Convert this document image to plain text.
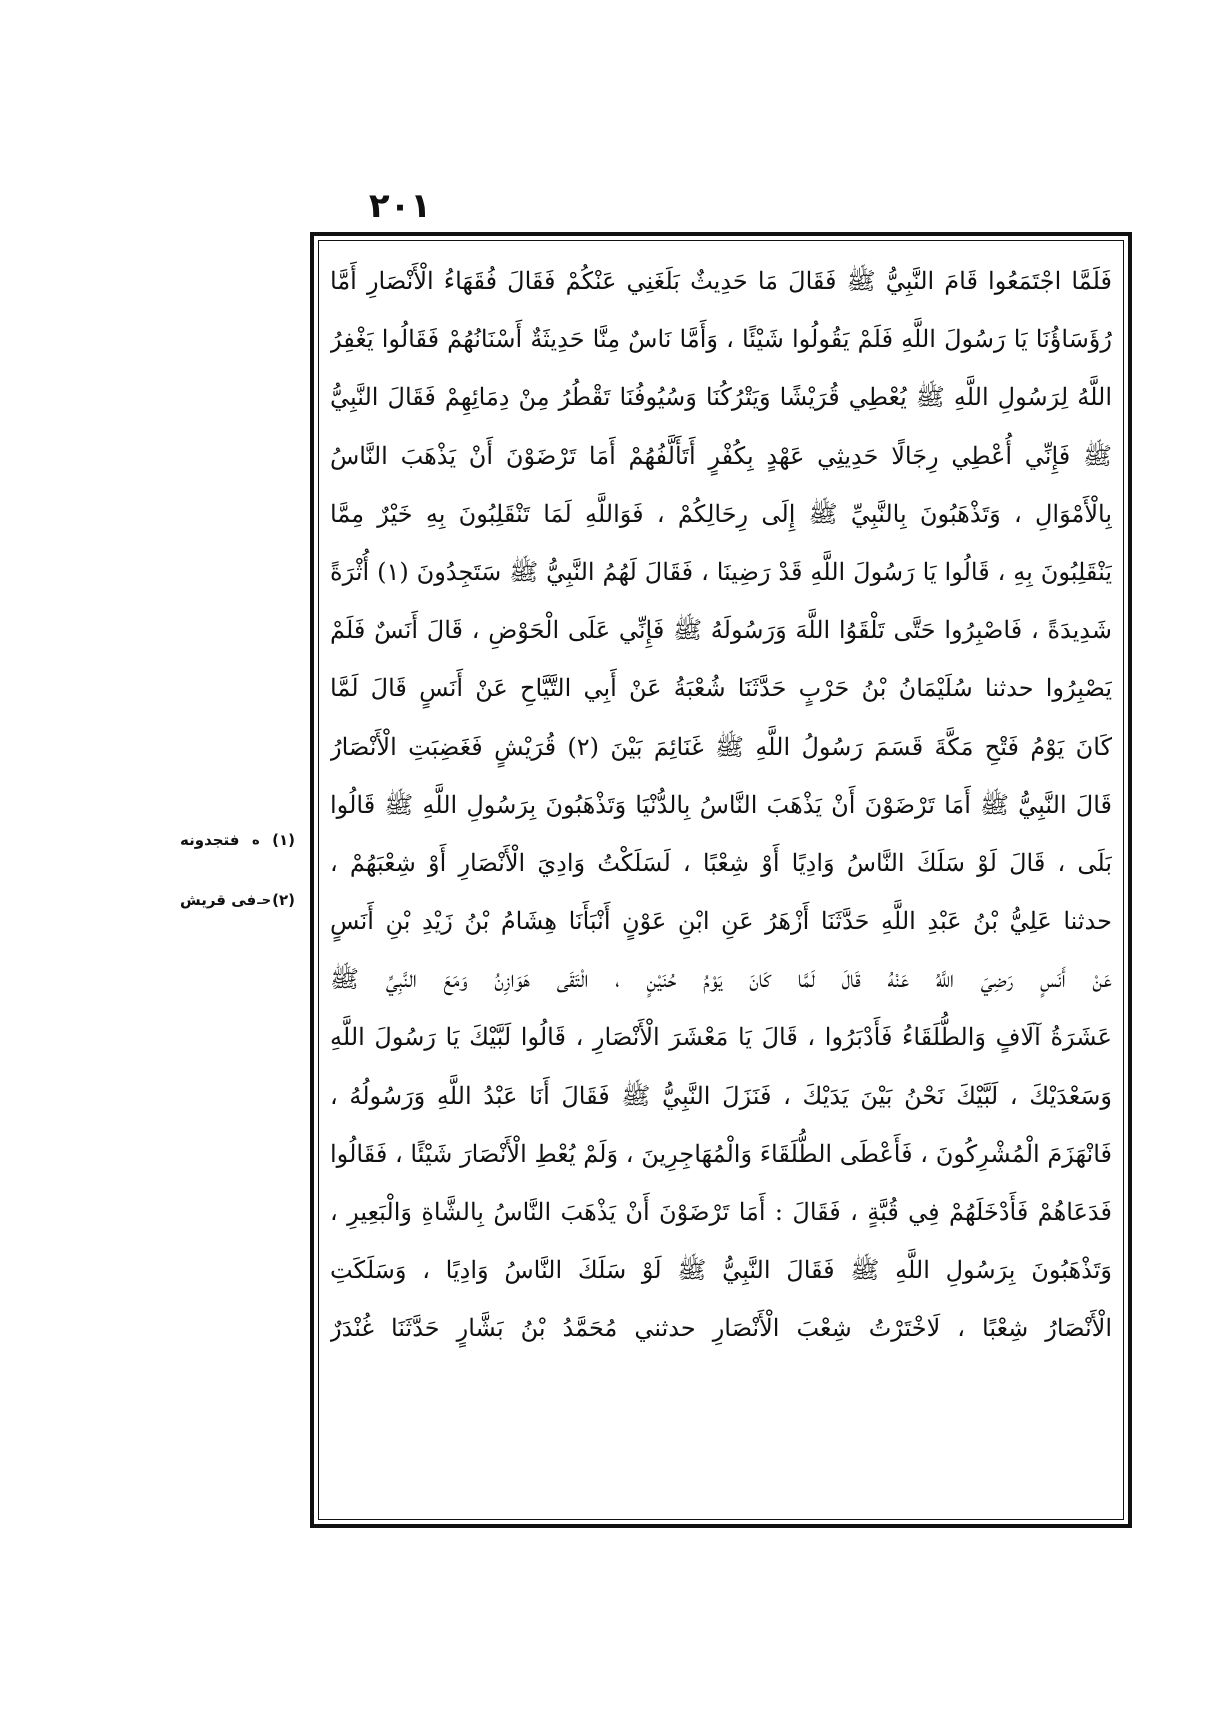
٢٠١
فَلَمَّا اجْتَمَعُوا قَامَ النَّبِيُّ ﷺ فَقَالَ مَا حَدِيثٌ بَلَغَنِي عَنْكُمْ فَقَالَ فُقَهَاءُ الْأَنْصَارِ أَمَّا
رُؤَسَاؤُنَا يَا رَسُولَ اللَّهِ فَلَمْ يَقُولُوا شَيْئًا ، وَأَمَّا نَاسٌ مِنَّا حَدِيثَةٌ أَسْنَانُهُمْ فَقَالُوا يَغْفِرُ
اللَّهُ لِرَسُولِ اللَّهِ ﷺ يُعْطِي قُرَيْشًا وَيَتْرُكُنَا وَسُيُوفُنَا تَقْطُرُ مِنْ دِمَائِهِمْ فَقَالَ النَّبِيُّ
ﷺ فَإِنِّي أُعْطِي رِجَالًا حَدِيثِي عَهْدٍ بِكُفْرٍ أَتَأَلَّفُهُمْ أَمَا تَرْضَوْنَ أَنْ يَذْهَبَ النَّاسُ
بِالْأَمْوَالِ ، وَتَذْهَبُونَ بِالنَّبِيِّ ﷺ إِلَى رِحَالِكُمْ ، فَوَاللَّهِ لَمَا تَنْقَلِبُونَ بِهِ خَيْرٌ مِمَّا
يَنْقَلِبُونَ بِهِ ، قَالُوا يَا رَسُولَ اللَّهِ قَدْ رَضِينَا ، فَقَالَ لَهُمُ النَّبِيُّ ﷺ سَتَجِدُونَ (١) أُثْرَةً
شَدِيدَةً ، فَاصْبِرُوا حَتَّى تَلْقَوُا اللَّهَ وَرَسُولَهُ ﷺ فَإِنِّي عَلَى الْحَوْضِ ، قَالَ أَنَسٌ فَلَمْ
يَصْبِرُوا حدثنا سُلَيْمَانُ بْنُ حَرْبٍ حَدَّثَنَا شُعْبَةُ عَنْ أَبِي التَّيَّاحِ عَنْ أَنَسٍ قَالَ لَمَّا
كَانَ يَوْمُ فَتْحِ مَكَّةَ قَسَمَ رَسُولُ اللَّهِ ﷺ غَنَائِمَ بَيْنَ (٢) قُرَيْشٍ فَغَضِبَتِ الْأَنْصَارُ
قَالَ النَّبِيُّ ﷺ أَمَا تَرْضَوْنَ أَنْ يَذْهَبَ النَّاسُ بِالدُّنْيَا وَتَذْهَبُونَ بِرَسُولِ اللَّهِ ﷺ قَالُوا
بَلَى ، قَالَ لَوْ سَلَكَ النَّاسُ وَادِيًا أَوْ شِعْبًا ، لَسَلَكْتُ وَادِيَ الْأَنْصَارِ أَوْ شِعْبَهُمْ ،
حدثنا عَلِيُّ بْنُ عَبْدِ اللَّهِ حَدَّثَنَا أَزْهَرُ عَنِ ابْنِ عَوْنٍ أَنْبَأَنَا هِشَامُ بْنُ زَيْدِ بْنِ أَنَسٍ
عَنْ أَنَسٍ رَضِيَ اللَّهُ عَنْهُ قَالَ لَمَّا كَانَ يَوْمُ حُنَيْنٍ ، الْتَقَى هَوَازِنُ وَمَعَ النَّبِيِّ ﷺ
عَشَرَةُ آلَافٍ وَالطُّلَقَاءُ فَأَدْبَرُوا ، قَالَ يَا مَعْشَرَ الْأَنْصَارِ ، قَالُوا لَبَّيْكَ يَا رَسُولَ اللَّهِ
وَسَعْدَيْكَ ، لَبَّيْكَ نَحْنُ بَيْنَ يَدَيْكَ ، فَنَزَلَ النَّبِيُّ ﷺ فَقَالَ أَنَا عَبْدُ اللَّهِ وَرَسُولُهُ ،
فَانْهَزَمَ الْمُشْرِكُونَ ، فَأَعْطَى الطُّلَقَاءَ وَالْمُهَاجِرِينَ ، وَلَمْ يُعْطِ الْأَنْصَارَ شَيْئًا ، فَقَالُوا
فَدَعَاهُمْ فَأَدْخَلَهُمْ فِي قُبَّةٍ ، فَقَالَ : أَمَا تَرْضَوْنَ أَنْ يَذْهَبَ النَّاسُ بِالشَّاةِ وَالْبَعِيرِ ،
وَتَذْهَبُونَ بِرَسُولِ اللَّهِ ﷺ فَقَالَ النَّبِيُّ ﷺ لَوْ سَلَكَ النَّاسُ وَادِيًا ، وَسَلَكَتِ
الْأَنْصَارُ شِعْبًا ، لَاخْتَرْتُ شِعْبَ الْأَنْصَارِ حدثني مُحَمَّدُ بْنُ بَشَّارٍ حَدَّثَنَا غُنْدَرٌ
(١)
ه
فتجدونه
(٢)
حـ
فى قريش
